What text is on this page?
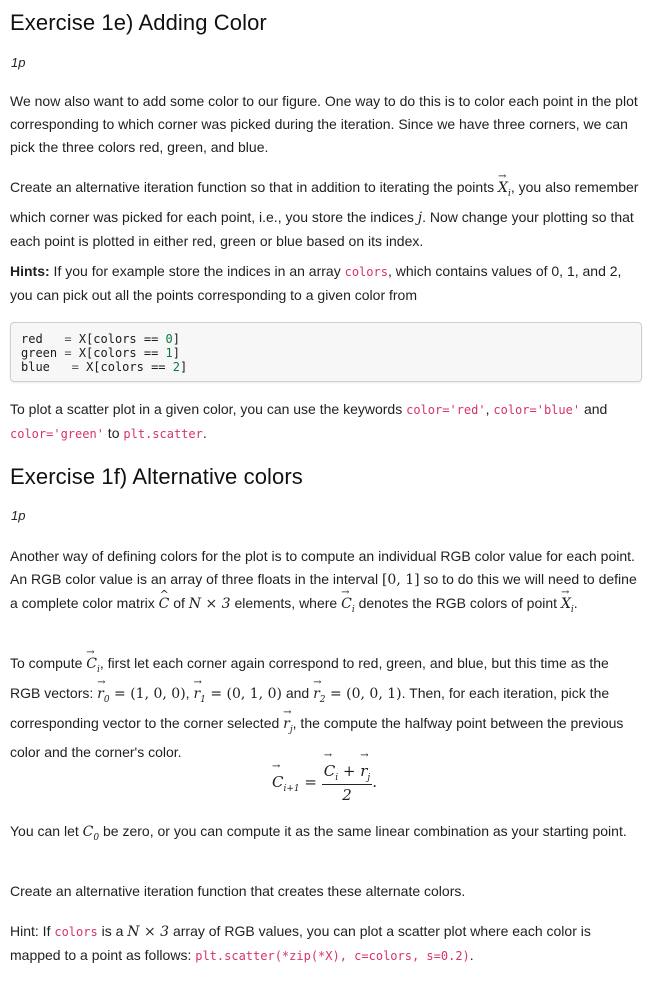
Exercise 1e) Adding Color

1p

We now also want to add some color to our figure. One way to do this is to color each point in the plot corresponding to which corner was picked during the iteration. Since we have three corners, we can pick the three colors red, green, and blue.

Create an alternative iteration function so that in addition to iterating the points → $X_i$, you also remember which corner was picked for each point, i.e., you store the indices j. Now change your plotting so that each point is plotted in either red, green or blue based on its index.

Hints: If you for example store the indices in an array colors, which contains values of 0, 1, and 2, you can pick out all the points corresponding to a given color from

red = X[colors == 0]
green = X[colors == 1]
blue = X[colors == 2]

To plot a scatter plot in a given color, you can use the keywords color='red', color='blue' and
color='green' to plt.scatter.

Exercise 1f) Alternative colors

1p

Another way of defining colors for the plot is to compute an individual RGB color value for each point. An RGB color value is an array of three floats in the interval [0, 1] so to do this we will need to define a complete color matrix ^ C of N × 3 elements, where → $C_i$ denotes the RGB colors of point → $X_i$.

To compute → $C_i$, first let each corner again correspond to red, green, and blue, but this time as the RGB vectors: → $r_0 = (1$, 0, 0), → $r_1 = (0$, 1, 0) and → $r_2 = (0$, 0, 1). Then, for each iteration, pick the corresponding vector to the corner selected → $r_j$, the compute the halfway point between the previous color and the corner's color.

→ $C_{i+1}$ =
→ $\frac{C_i + \to r_j}{2}$ .

You can let $C_0$ be zero, or you can compute it as the same linear combination as your starting point.

Create an alternative iteration function that creates these alternate colors.

Hint: If colors is a N × 3 array of RGB values, you can plot a scatter plot where each color is mapped to a point as follows: plt.scatter(*zip(*X), c=colors, s=0.2).
